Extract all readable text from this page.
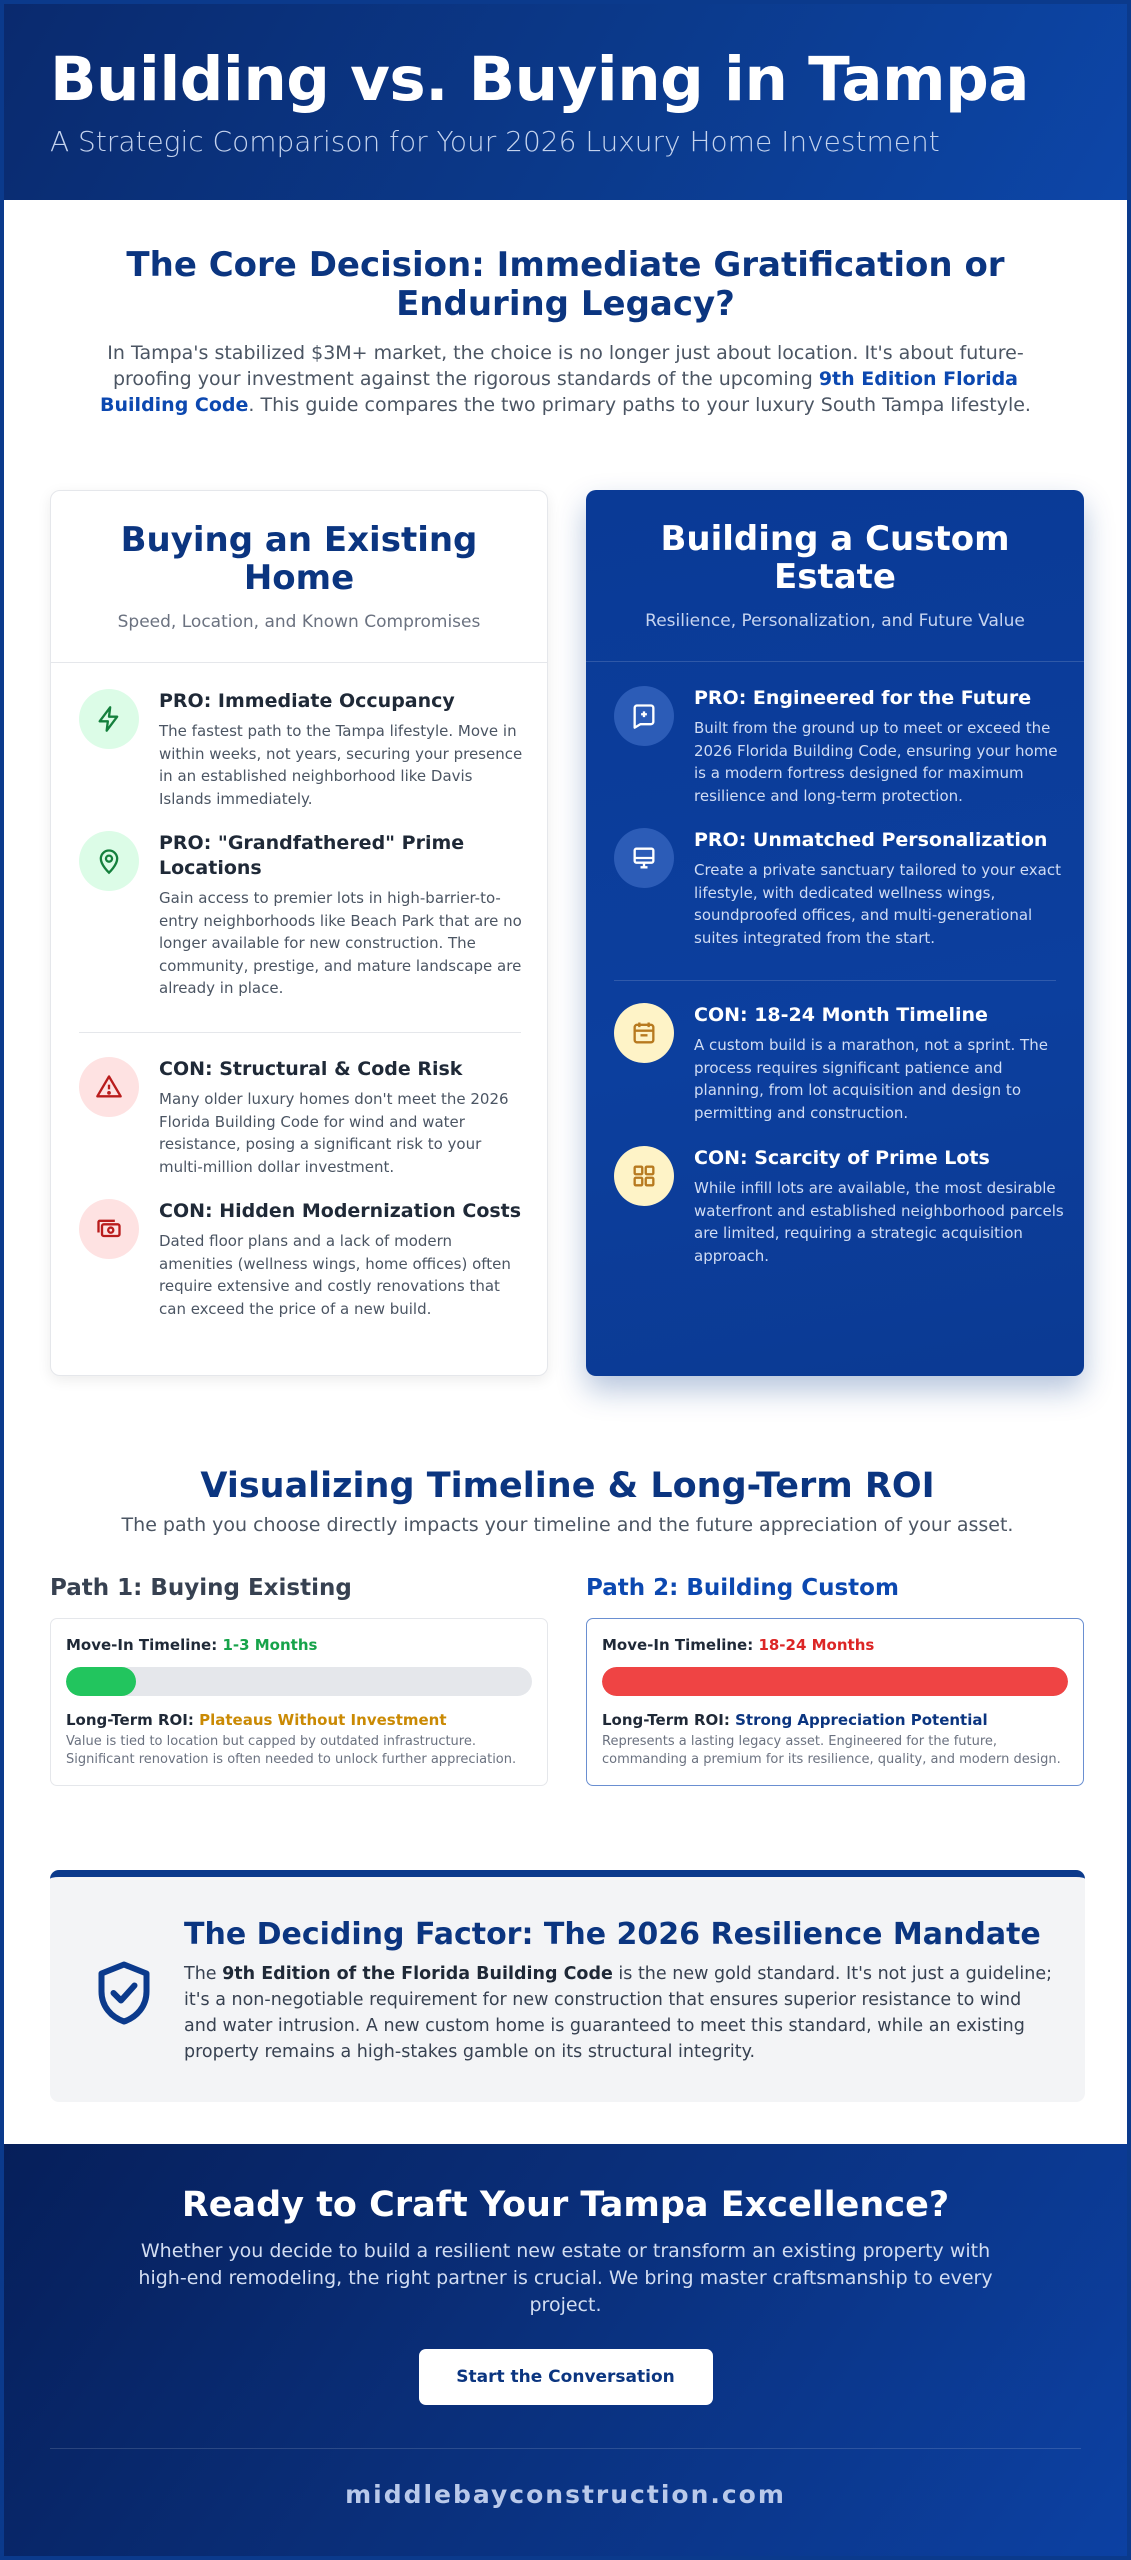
Building vs. Buying in Tampa

A Strategic Comparison for Your 2026 Luxury Home Investment

The Core Decision: Immediate Gratification or Enduring Legacy?

In Tampa's stabilized $3M+ market, the choice is no longer just about location. It's about future-proofing your investment against the rigorous standards of the upcoming 9th Edition Florida Building Code. This guide compares the two primary paths to your luxury South Tampa lifestyle.

Buying an Existing Home
Speed, Location, and Known Compromises
PRO: Immediate Occupancy

The fastest path to the Tampa lifestyle. Move in within weeks, not years, securing your presence in an established neighborhood like Davis Islands immediately.

PRO: "Grandfathered" Prime Locations

Gain access to premier lots in high-barrier-to-entry neighborhoods like Beach Park that are no longer available for new construction. The community, prestige, and mature landscape are already in place.

CON: Structural & Code Risk

Many older luxury homes don't meet the 2026 Florida Building Code for wind and water resistance, posing a significant risk to your multi-million dollar investment.

CON: Hidden Modernization Costs

Dated floor plans and a lack of modern amenities (wellness wings, home offices) often require extensive and costly renovations that can exceed the price of a new build.

Building a Custom Estate
Resilience, Personalization, and Future Value
PRO: Engineered for the Future

Built from the ground up to meet or exceed the 2026 Florida Building Code, ensuring your home is a modern fortress designed for maximum resilience and long-term protection.

PRO: Unmatched Personalization

Create a private sanctuary tailored to your exact lifestyle, with dedicated wellness wings, soundproofed offices, and multi-generational suites integrated from the start.

CON: 18-24 Month Timeline

A custom build is a marathon, not a sprint. The process requires significant patience and planning, from lot acquisition and design to permitting and construction.

CON: Scarcity of Prime Lots

While infill lots are available, the most desirable waterfront and established neighborhood parcels are limited, requiring a strategic acquisition approach.

Visualizing Timeline & Long-Term ROI
The path you choose directly impacts your timeline and the future appreciation of your asset.
Path 1: Buying Existing
Move-In Timeline: 1-3 Months
Long-Term ROI: Plateaus Without Investment
Value is tied to location but capped by outdated infrastructure. Significant renovation is often needed to unlock further appreciation.
Path 2: Building Custom
Move-In Timeline: 18-24 Months
Long-Term ROI: Strong Appreciation Potential
Represents a lasting legacy asset. Engineered for the future, commanding a premium for its resilience, quality, and modern design.
The Deciding Factor: The 2026 Resilience Mandate

The 9th Edition of the Florida Building Code is the new gold standard. It's not just a guideline; it's a non-negotiable requirement for new construction that ensures superior resistance to wind and water intrusion. A new custom home is guaranteed to meet this standard, while an existing property remains a high-stakes gamble on its structural integrity.

Ready to Craft Your Tampa Excellence?

Whether you decide to build a resilient new estate or transform an existing property with high-end remodeling, the right partner is crucial. We bring master craftsmanship to every project.

Start the Conversation
middlebayconstruction.com
